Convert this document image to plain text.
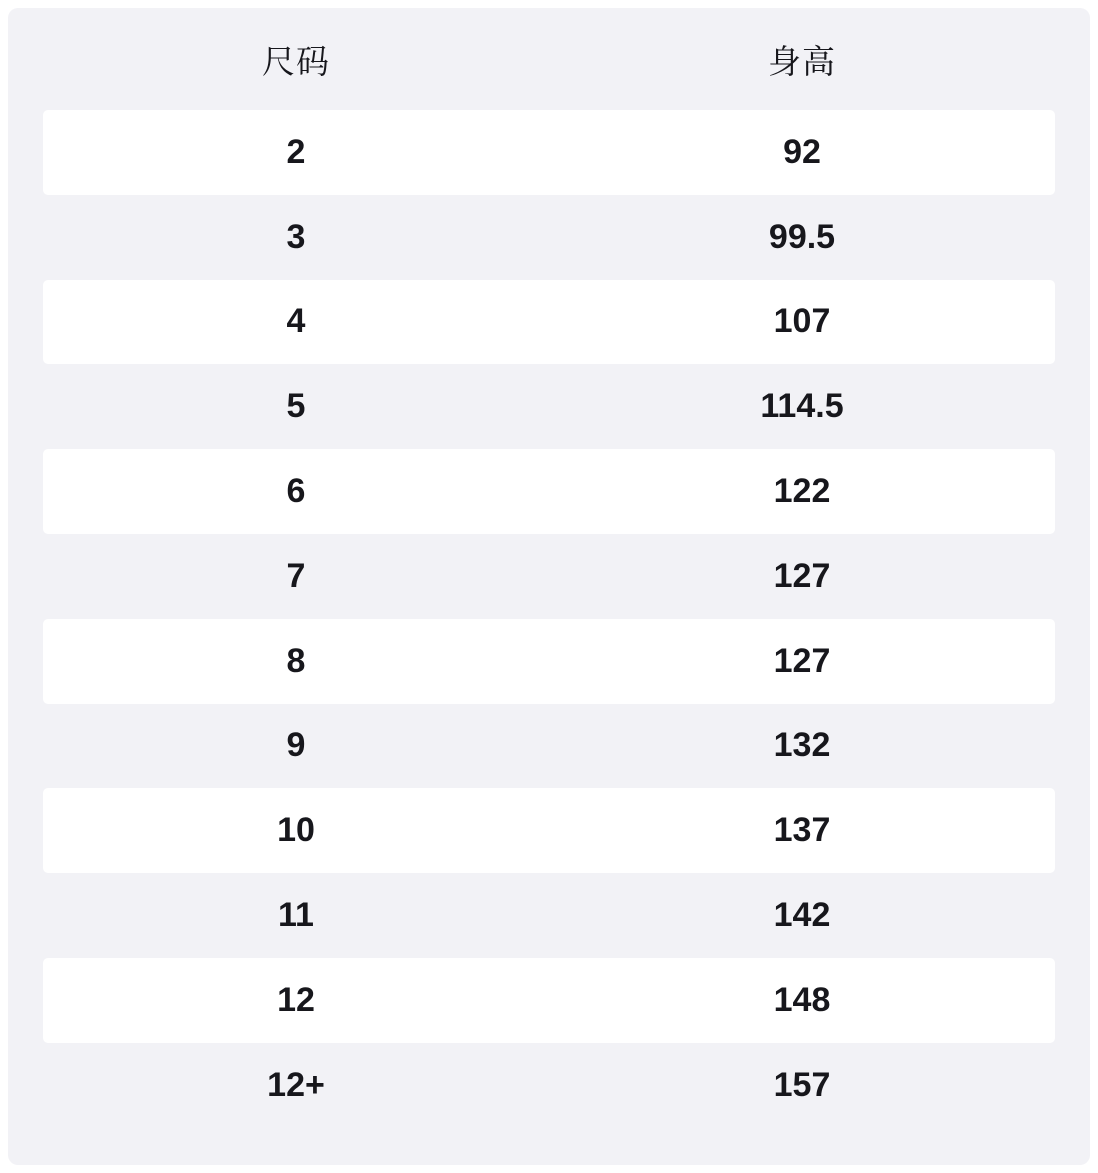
尺码	身高
2	92
3	99.5
4	107
5	114.5
6	122
7	127
8	127
9	132
10	137
11	142
12	148
12+	157
